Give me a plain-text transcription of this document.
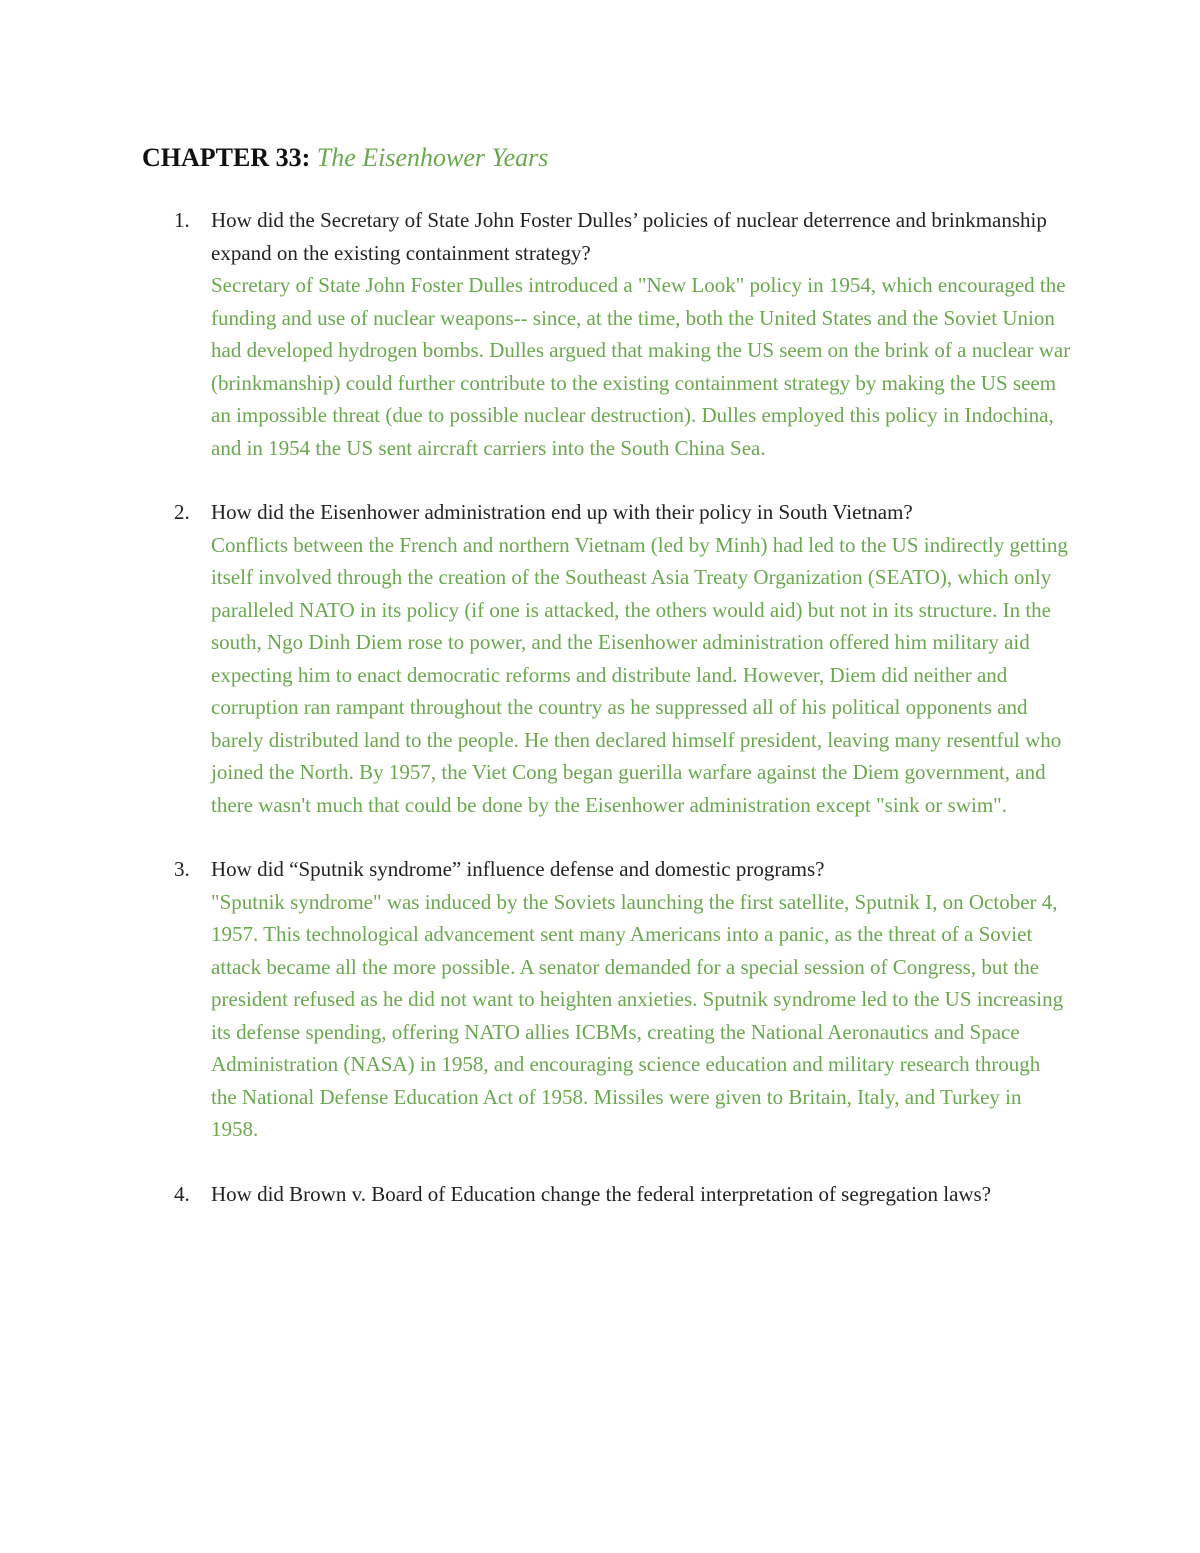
CHAPTER 33: The Eisenhower Years
1. How did the Secretary of State John Foster Dulles’ policies of nuclear deterrence and brinkmanship expand on the existing containment strategy?
Secretary of State John Foster Dulles introduced a "New Look" policy in 1954, which encouraged the funding and use of nuclear weapons-- since, at the time, both the United States and the Soviet Union had developed hydrogen bombs. Dulles argued that making the US seem on the brink of a nuclear war (brinkmanship) could further contribute to the existing containment strategy by making the US seem an impossible threat (due to possible nuclear destruction). Dulles employed this policy in Indochina, and in 1954 the US sent aircraft carriers into the South China Sea.
2. How did the Eisenhower administration end up with their policy in South Vietnam?
Conflicts between the French and northern Vietnam (led by Minh) had led to the US indirectly getting itself involved through the creation of the Southeast Asia Treaty Organization (SEATO), which only paralleled NATO in its policy (if one is attacked, the others would aid) but not in its structure. In the south, Ngo Dinh Diem rose to power, and the Eisenhower administration offered him military aid expecting him to enact democratic reforms and distribute land. However, Diem did neither and corruption ran rampant throughout the country as he suppressed all of his political opponents and barely distributed land to the people. He then declared himself president, leaving many resentful who joined the North. By 1957, the Viet Cong began guerilla warfare against the Diem government, and there wasn't much that could be done by the Eisenhower administration except "sink or swim".
3. How did “Sputnik syndrome” influence defense and domestic programs?
"Sputnik syndrome" was induced by the Soviets launching the first satellite, Sputnik I, on October 4, 1957. This technological advancement sent many Americans into a panic, as the threat of a Soviet attack became all the more possible. A senator demanded for a special session of Congress, but the president refused as he did not want to heighten anxieties. Sputnik syndrome led to the US increasing its defense spending, offering NATO allies ICBMs, creating the National Aeronautics and Space Administration (NASA) in 1958, and encouraging science education and military research through the National Defense Education Act of 1958. Missiles were given to Britain, Italy, and Turkey in 1958.
4. How did Brown v. Board of Education change the federal interpretation of segregation laws?
